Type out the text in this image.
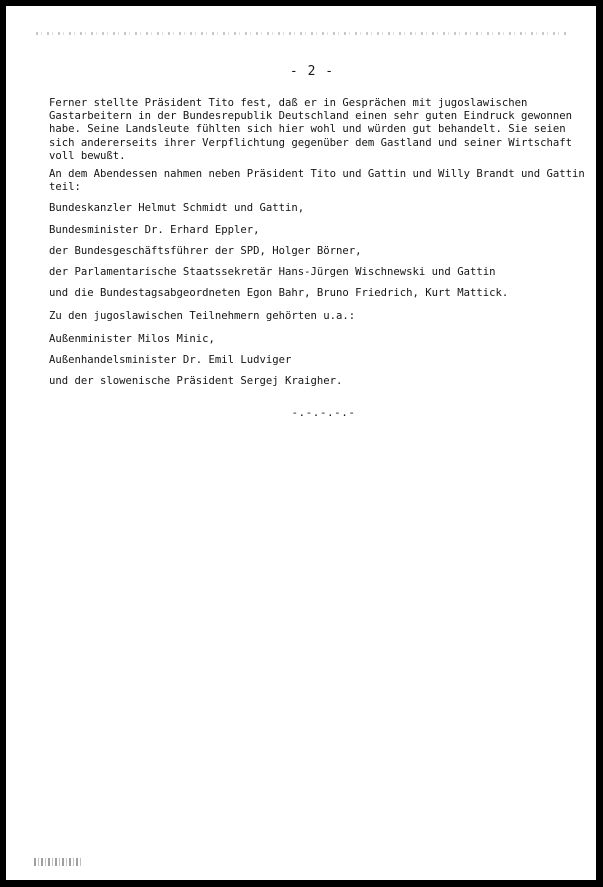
- 2 -

Ferner stellte Präsident Tito fest, daß er in Gesprächen mit jugoslawischen Gastarbeitern in der Bundesrepublik Deutschland einen sehr guten Eindruck gewonnen habe. Seine Landsleute fühlten sich hier wohl und würden gut behandelt. Sie seien sich andererseits ihrer Verpflichtung gegenüber dem Gastland und seiner Wirtschaft voll bewußt.

An dem Abendessen nahmen neben Präsident Tito und Gattin und Willy Brandt und Gattin teil:

Bundeskanzler Helmut Schmidt und Gattin,

Bundesminister Dr. Erhard Eppler,

der Bundesgeschäftsführer der SPD, Holger Börner,

der Parlamentarische Staatssekretär Hans-Jürgen Wischnewski und Gattin

und die Bundestagsabgeordneten Egon Bahr, Bruno Friedrich, Kurt Mattick.

Zu den jugoslawischen Teilnehmern gehörten u.a.:

Außenminister Milos Minic,

Außenhandelsminister Dr. Emil Ludviger

und der slowenische Präsident Sergej Kraigher.

-.-.-.-.-
